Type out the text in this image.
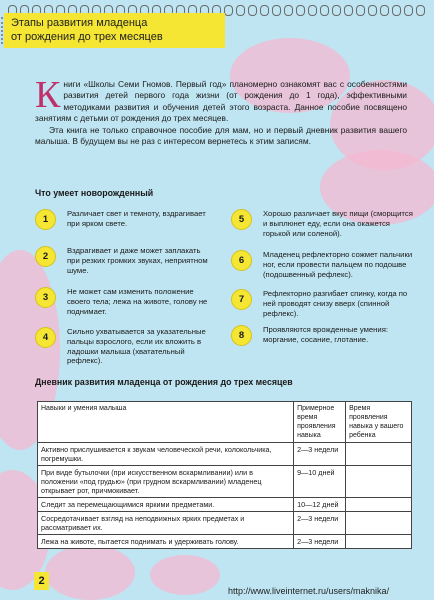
Этапы развития младенца
от рождения до трех месяцев
К ниги «Школы Семи Гномов. Первый год» планомерно ознакомят вас с особенностями развития детей первого года жизни (от рождения до 1 года), эффективными методиками развития и обучения детей этого возраста. Данное пособие посвящено занятиям с детьми от рождения до трех месяцев.

Эта книга не только справочное пособие для мам, но и первый дневник развития вашего малыша. В будущем вы не раз с интересом вернетесь к этим записям.

Что умеет новорожденный
1
Различает свет и темноту, вздрагивает при ярком свете.
2
Вздрагивает и даже может заплакать при резких громких звуках, неприятном шуме.
3
Не может сам изменить положение своего тела; лежа на животе, голову не поднимает.
4
Сильно ухватывается за указательные пальцы взрослого, если их вложить в ладошки малыша (хватательный рефлекс).
5
Хорошо различает вкус пищи (сморщится и выплюнет еду, если она окажется горькой или соленой).
6
Младенец рефлекторно сожмет пальчики ног, если провести пальцем по подошве (подошвенный рефлекс).
7
Рефлекторно разгибает спинку, когда по ней проводят снизу вверх (спинной рефлекс).
8
Проявляются врожденные умения: моргание, сосание, глотание.
Дневник развития младенца от рождения до трех месяцев
Навыки и умения малыша	Примерное время проявления навыка	Время проявления навыка у вашего ребенка
Активно прислушивается к звукам человеческой речи, колокольчика, погремушки.	2—3 недели	
При виде бутылочки (при искусственном вскармливании) или в положении «под грудью» (при грудном вскармливании) младенец открывает рот, причмокивает.	9—10 дней	
Следит за перемещающимися яркими предметами.	10—12 дней	
Сосредотачивает взгляд на неподвижных ярких предметах и рассматривает их.	2—3 недели	
Лежа на животе, пытается поднимать и удерживать голову.	2—3 недели	
2
http://www.liveinternet.ru/users/maknika/
